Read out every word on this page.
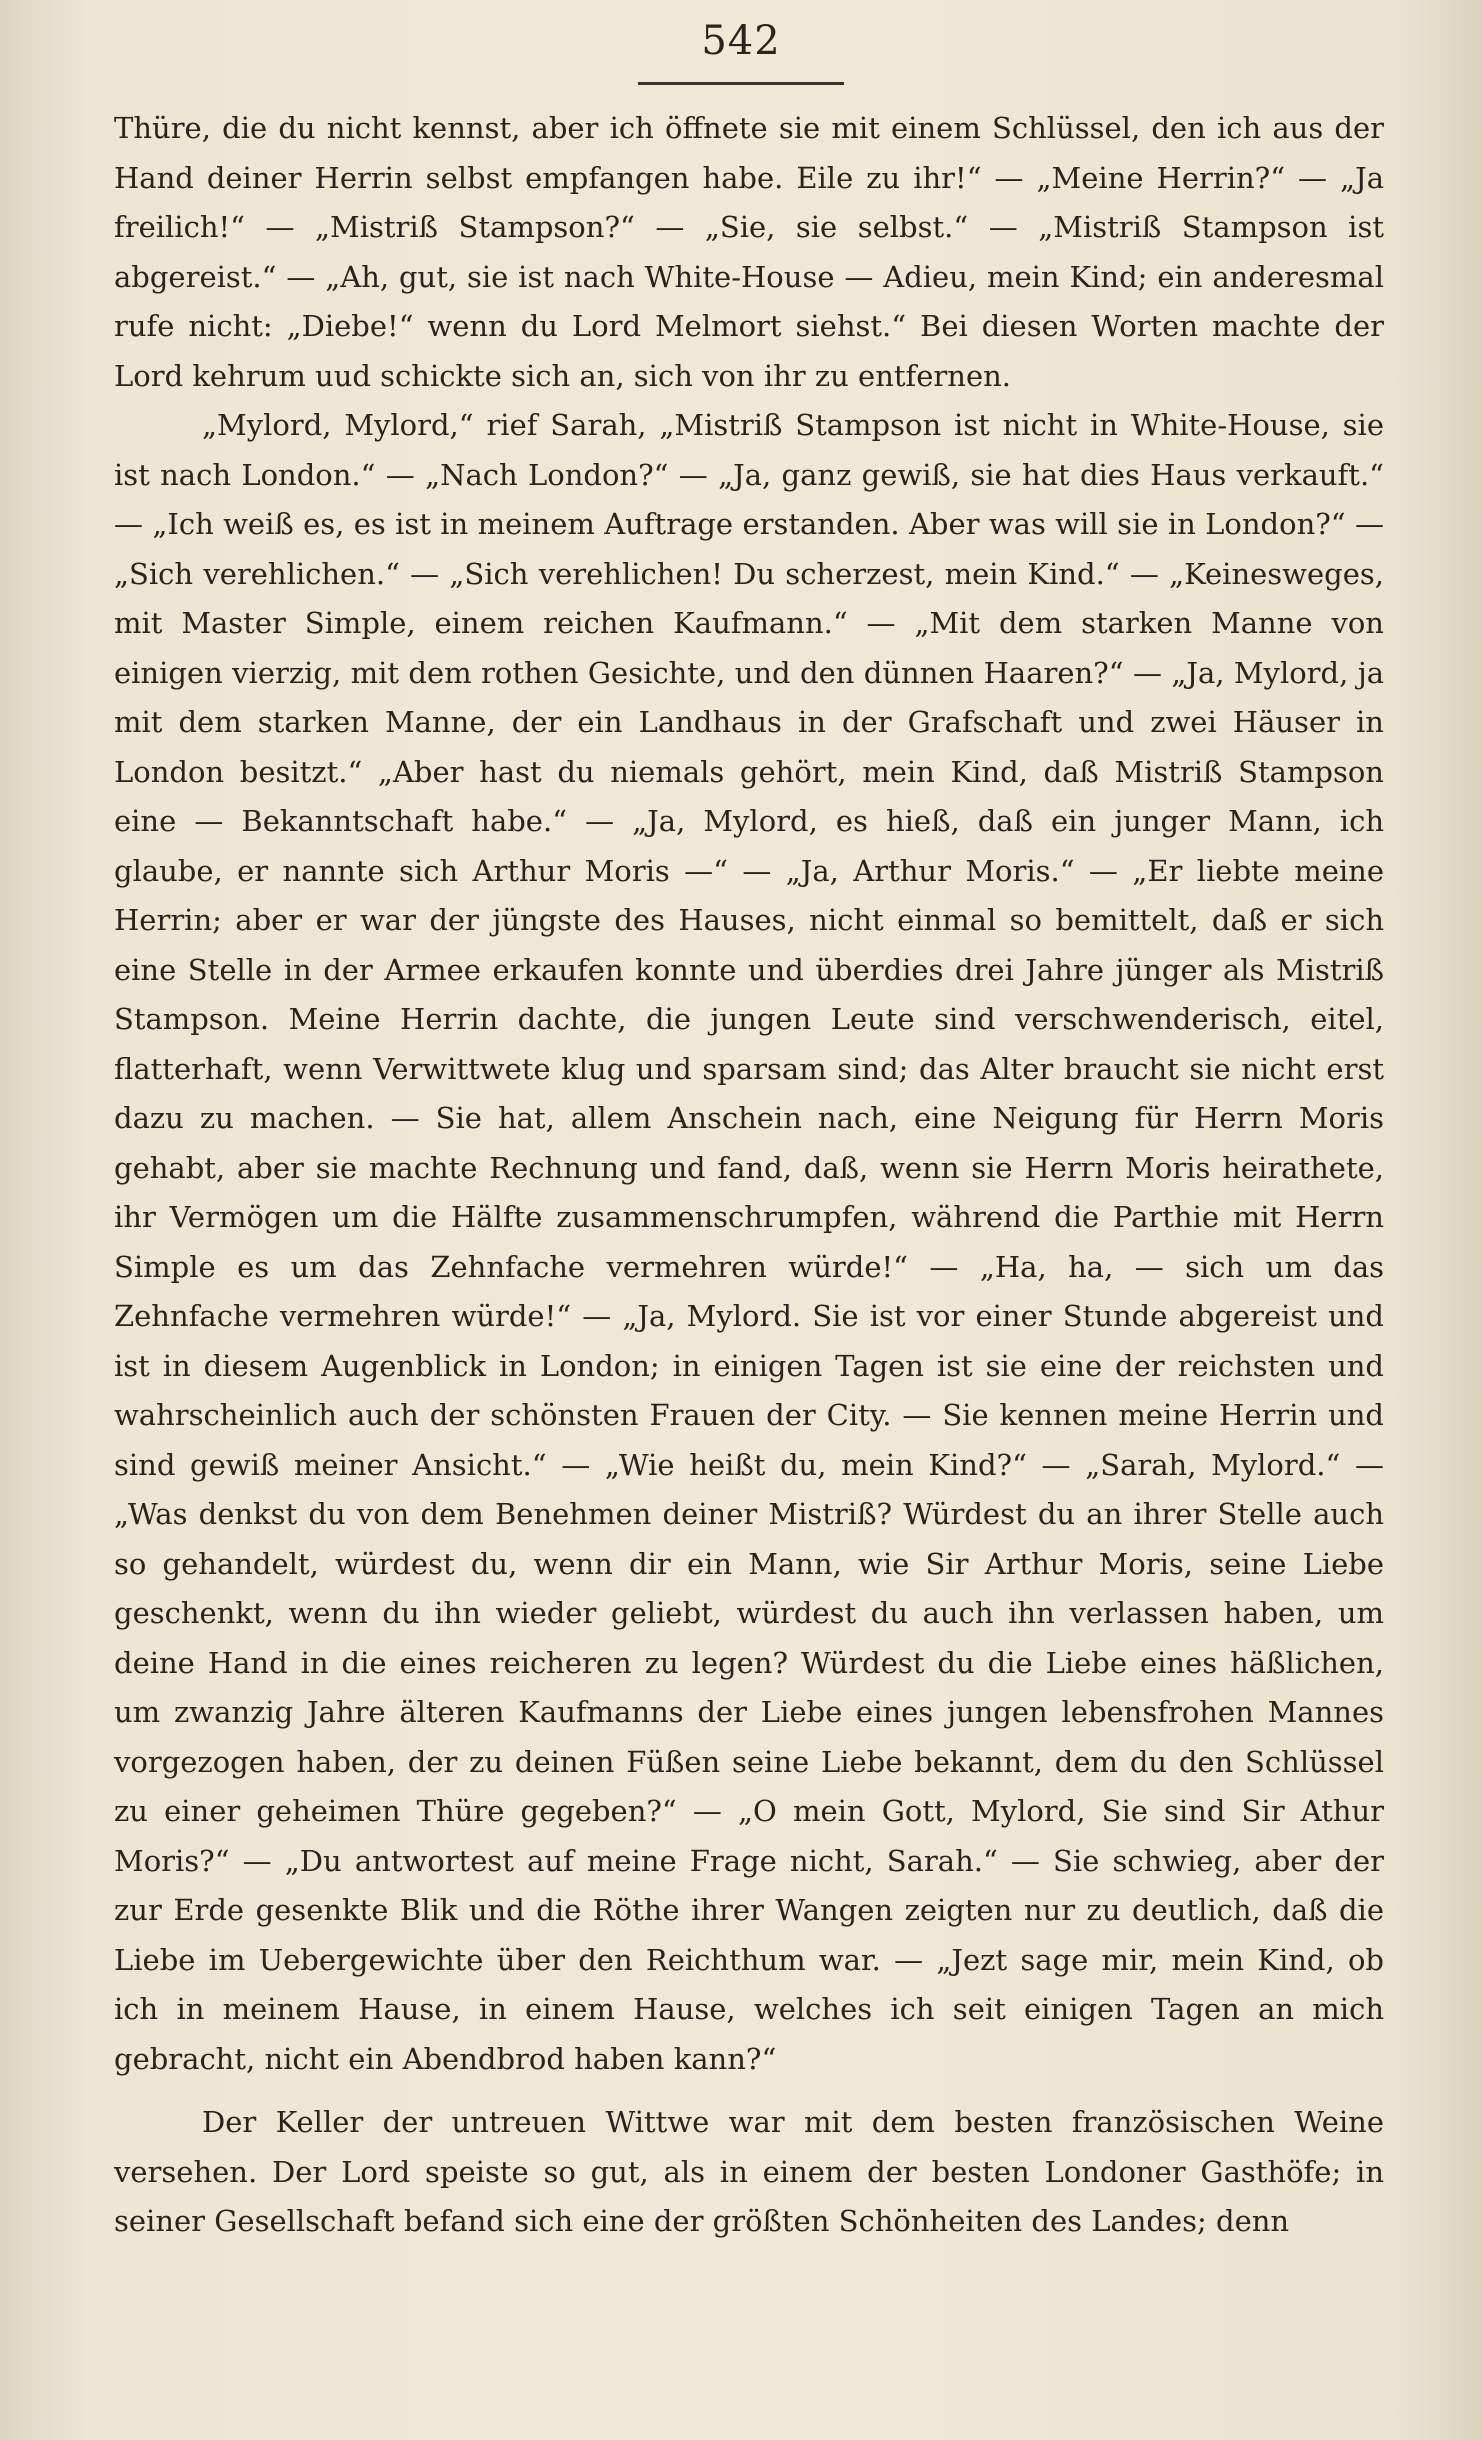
542

Thüre, die du nicht kennst, aber ich öffnete sie mit einem Schlüssel, den ich aus der Hand deiner Herrin selbst empfangen habe. Eile zu ihr!“ — „Meine Herrin?“ — „Ja freilich!“ — „Mistriß Stampson?“ — „Sie, sie selbst.“ — „Mistriß Stampson ist abgereist.“ — „Ah, gut, sie ist nach White-House — Adieu, mein Kind; ein anderesmal rufe nicht: „Diebe!“ wenn du Lord Melmort siehst.“ Bei diesen Worten machte der Lord kehrum uud schickte sich an, sich von ihr zu entfernen.

„Mylord, Mylord,“ rief Sarah, „Mistriß Stampson ist nicht in White-House, sie ist nach London.“ — „Nach London?“ — „Ja, ganz gewiß, sie hat dies Haus verkauft.“ — „Ich weiß es, es ist in meinem Auftrage erstanden. Aber was will sie in London?“ — „Sich verehlichen.“ — „Sich verehlichen! Du scherzest, mein Kind.“ — „Keinesweges, mit Master Simple, einem reichen Kaufmann.“ — „Mit dem starken Manne von einigen vierzig, mit dem rothen Gesichte, und den dünnen Haaren?“ — „Ja, Mylord, ja mit dem starken Manne, der ein Landhaus in der Grafschaft und zwei Häuser in London besitzt.“ „Aber hast du niemals gehört, mein Kind, daß Mistriß Stampson eine — Bekanntschaft habe.“ — „Ja, Mylord, es hieß, daß ein junger Mann, ich glaube, er nannte sich Arthur Moris —“ — „Ja, Arthur Moris.“ — „Er liebte meine Herrin; aber er war der jüngste des Hauses, nicht einmal so bemittelt, daß er sich eine Stelle in der Armee erkaufen konnte und überdies drei Jahre jünger als Mistriß Stampson. Meine Herrin dachte, die jungen Leute sind verschwenderisch, eitel, flatterhaft, wenn Verwittwete klug und sparsam sind; das Alter braucht sie nicht erst dazu zu machen. — Sie hat, allem Anschein nach, eine Neigung für Herrn Moris gehabt, aber sie machte Rechnung und fand, daß, wenn sie Herrn Moris heirathete, ihr Vermögen um die Hälfte zusammenschrumpfen, während die Parthie mit Herrn Simple es um das Zehnfache vermehren würde!“ — „Ha, ha, — sich um das Zehnfache vermehren würde!“ — „Ja, Mylord. Sie ist vor einer Stunde abgereist und ist in diesem Augenblick in London; in einigen Tagen ist sie eine der reichsten und wahrscheinlich auch der schönsten Frauen der City. — Sie kennen meine Herrin und sind gewiß meiner Ansicht.“ — „Wie heißt du, mein Kind?“ — „Sarah, Mylord.“ — „Was denkst du von dem Benehmen deiner Mistriß? Würdest du an ihrer Stelle auch so gehandelt, würdest du, wenn dir ein Mann, wie Sir Arthur Moris, seine Liebe geschenkt, wenn du ihn wieder geliebt, würdest du auch ihn verlassen haben, um deine Hand in die eines reicheren zu legen? Würdest du die Liebe eines häßlichen, um zwanzig Jahre älteren Kaufmanns der Liebe eines jungen lebensfrohen Mannes vorgezogen haben, der zu deinen Füßen seine Liebe bekannt, dem du den Schlüssel zu einer geheimen Thüre gegeben?“ — „O mein Gott, Mylord, Sie sind Sir Athur Moris?“ — „Du antwortest auf meine Frage nicht, Sarah.“ — Sie schwieg, aber der zur Erde gesenkte Blik und die Röthe ihrer Wangen zeigten nur zu deutlich, daß die Liebe im Uebergewichte über den Reichthum war. — „Jezt sage mir, mein Kind, ob ich in meinem Hause, in einem Hause, welches ich seit einigen Tagen an mich gebracht, nicht ein Abendbrod haben kann?“

Der Keller der untreuen Wittwe war mit dem besten französischen Weine versehen. Der Lord speiste so gut, als in einem der besten Londoner Gasthöfe; in seiner Gesellschaft befand sich eine der größten Schönheiten des Landes; denn
